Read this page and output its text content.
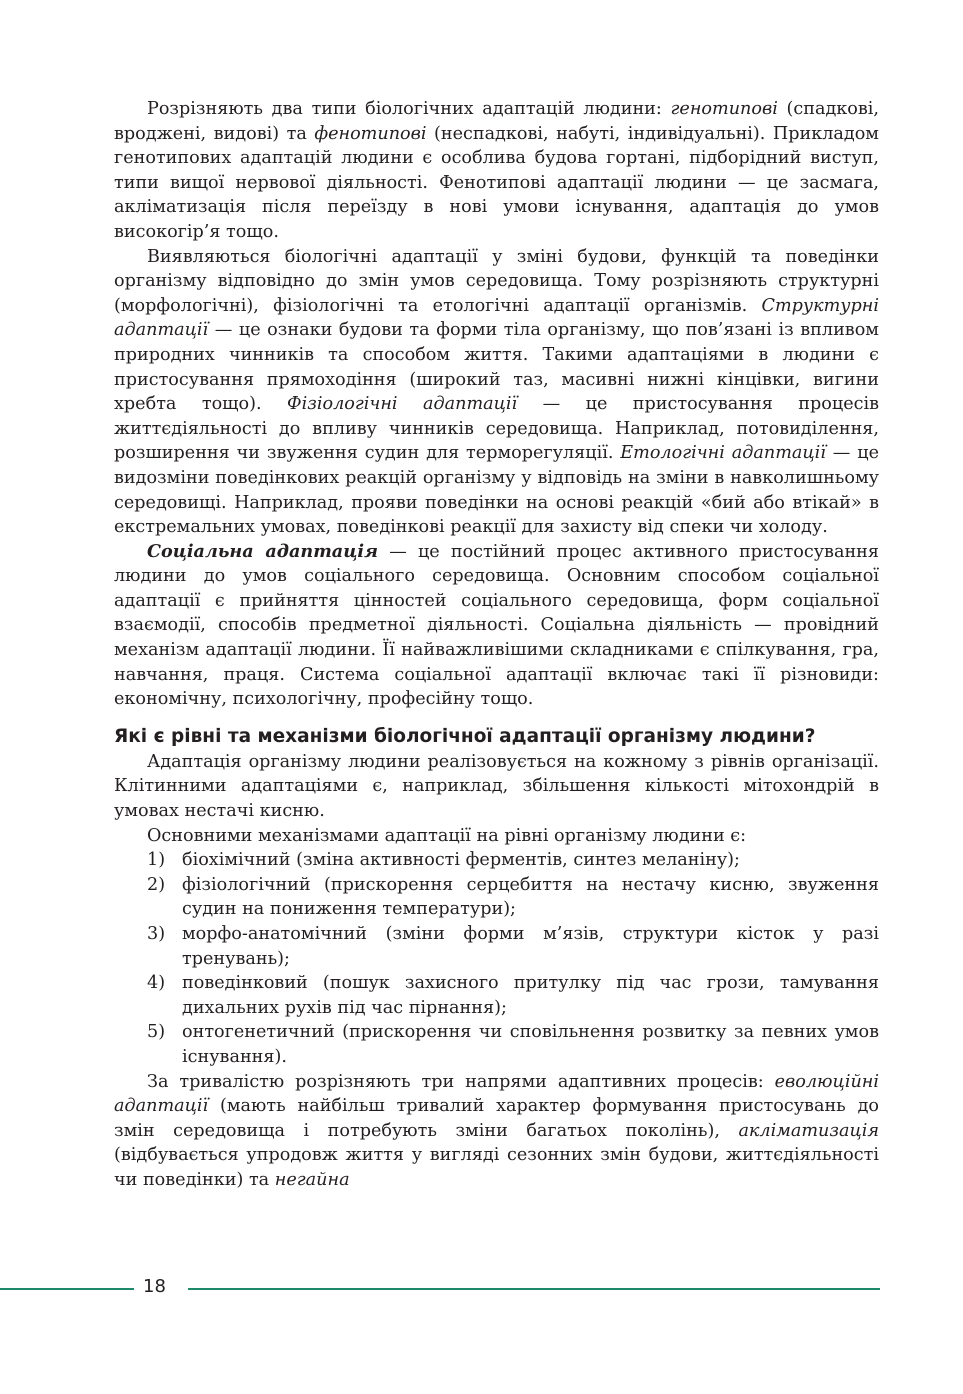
Розрізняють два типи біологічних адаптацій людини: генотипові (спадкові, вроджені, видові) та фенотипові (неспадкові, набуті, індивідуальні). Прикладом генотипових адаптацій людини є особлива будова гортані, підборідний виступ, типи вищої нервової діяльності. Фенотипові адаптації людини — це засмага, акліматизація після переїзду в нові умови існування, адаптація до умов високогір’я тощо.

Виявляються біологічні адаптації у зміні будови, функцій та поведінки організму відповідно до змін умов середовища. Тому розрізняють структурні (морфологічні), фізіологічні та етологічні адаптації організмів. Структурні адаптації — це ознаки будови та форми тіла організму, що пов’язані із впливом природних чинників та способом життя. Такими адаптаціями в людини є пристосування прямоходіння (широкий таз, масивні нижні кінцівки, вигини хребта тощо). Фізіологічні адаптації — це пристосування процесів життєдіяльності до впливу чинників середовища. Наприклад, потовиділення, розширення чи звуження судин для терморегуляції. Етологічні адаптації — це видозміни поведінкових реакцій організму у відповідь на зміни в навколишньому середовищі. Наприклад, прояви поведінки на основі реакцій «бий або втікай» в екстремальних умовах, поведінкові реакції для захисту від спеки чи холоду.

Соціальна адаптація — це постійний процес активного пристосування людини до умов соціального середовища. Основним способом соціальної адаптації є прийняття цінностей соціального середовища, форм соціальної взаємодії, способів предметної діяльності. Соціальна діяльність — провідний механізм адаптації людини. Її найважливішими складниками є спілкування, гра, навчання, праця. Система соціальної адаптації включає такі її різновиди: економічну, психологічну, професійну тощо.

Які є рівні та механізми біологічної адаптації організму людини?

Адаптація організму людини реалізовується на кожному з рівнів організації. Клітинними адаптаціями є, наприклад, збільшення кількості мітохондрій в умовах нестачі кисню.

Основними механізмами адаптації на рівні організму людини є:

1) біохімічний (зміна активності ферментів, синтез меланіну);
2) фізіологічний (прискорення серцебиття на нестачу кисню, звуження судин на пониження температури);
3) морфо-анатомічний (зміни форми м’язів, структури кісток у разі тренувань);
4) поведінковий (пошук захисного притулку під час грози, тамування дихальних рухів під час пірнання);
5) онтогенетичний (прискорення чи сповільнення розвитку за певних умов існування).

За тривалістю розрізняють три напрями адаптивних процесів: еволюційні адаптації (мають найбільш тривалий характер формування пристосувань до змін середовища і потребують зміни багатьох поколінь), акліматизація (відбувається упродовж життя у вигляді сезонних змін будови, життєдіяльності чи поведінки) та негайна

18
